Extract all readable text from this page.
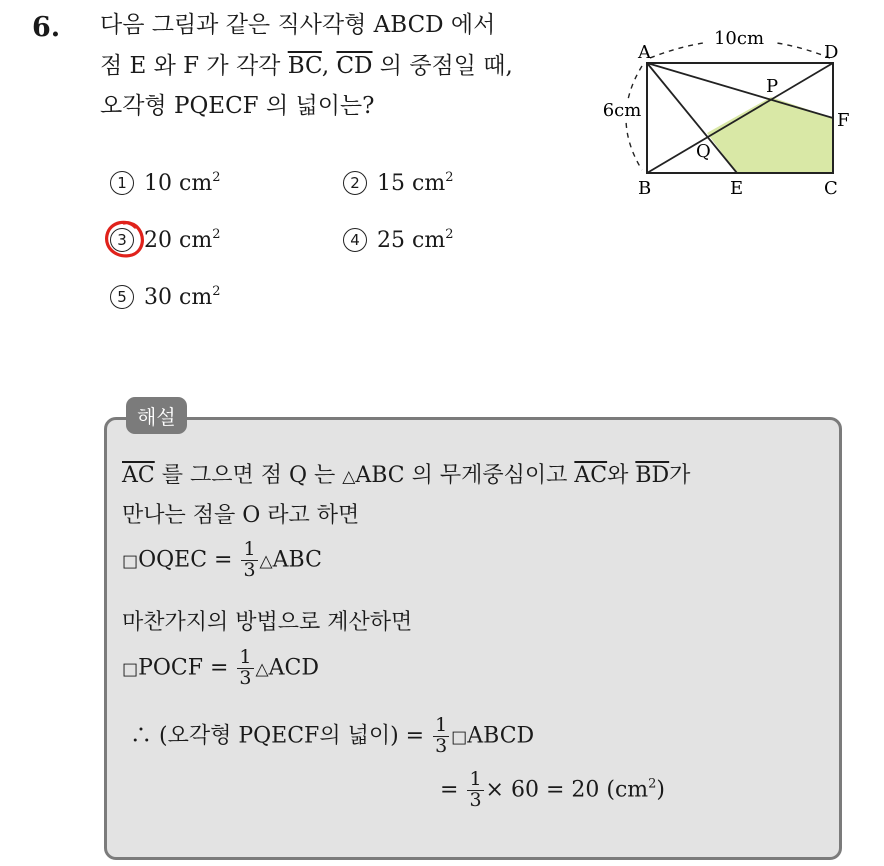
6. 다음 그림과 같은 직사각형 ABCD 에서
점 E 와 F 가 각각 $\overline{BC}$, $\overline{CD}$ 의 중점일 때,
오각형 PQECF 의 넓이는?
1 10 $cm^2$	2 15 $cm^2$
3 20 $cm^2$	4 25 $cm^2$
5 30 $cm^2$
10cm
6cm
A	D
B	E	C
F
P
Q
해설
$\overline{AC}$ 를 그으면 점 Q 는 △ABC 의 무게중심이고 $\overline{AC}$와 $\overline{BD}$가
만나는 점을 O 라고 하면
□OQEC = $\frac{1}{3}$ △ABC
마찬가지의 방법으로 계산하면
□POCF = $\frac{1}{3}$ △ACD
∴ (오각형 PQECF의 넓이) = $\frac{1}{3}$ □ABCD
= $\frac{1}{3} \times 60 = 20$ $(cm^2)$
